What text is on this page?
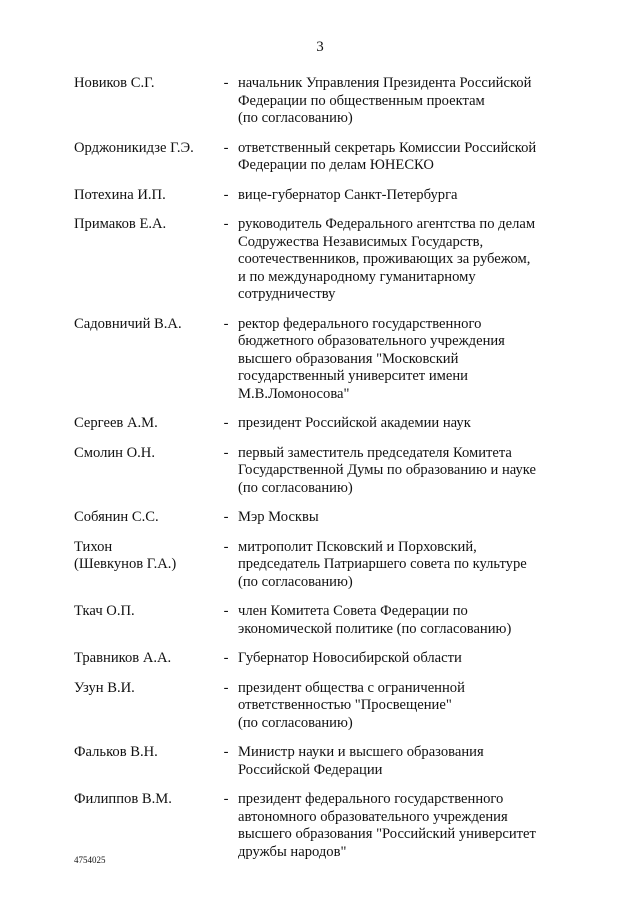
3
Новиков С.Г.	- начальник Управления Президента Российской
Федерации по общественным проектам
(по согласованию)
Орджоникидзе Г.Э.	- ответственный секретарь Комиссии Российской
Федерации по делам ЮНЕСКО
Потехина И.П.	- вице-губернатор Санкт-Петербурга
Примаков Е.А.	- руководитель Федерального агентства по делам
Содружества Независимых Государств,
соотечественников, проживающих за рубежом,
и по международному гуманитарному
сотрудничеству
Садовничий В.А.	- ректор федерального государственного
бюджетного образовательного учреждения
высшего образования "Московский
государственный университет имени
М.В.Ломоносова"
Сергеев А.М.	- президент Российской академии наук
Смолин О.Н.	- первый заместитель председателя Комитета
Государственной Думы по образованию и науке
(по согласованию)
Собянин С.С.	- Мэр Москвы
Тихон
(Шевкунов Г.А.)
- митрополит Псковский и Порховский,
председатель Патриаршего совета по культуре
(по согласованию)
Ткач О.П.	- член Комитета Совета Федерации по
экономической политике (по согласованию)
Травников А.А.	- Губернатор Новосибирской области
Узун В.И.	- президент общества с ограниченной
ответственностью "Просвещение"
(по согласованию)
Фальков В.Н.	- Министр науки и высшего образования
Российской Федерации
Филиппов В.М.	- президент федерального государственного
автономного образовательного учреждения
высшего образования "Российский университет
дружбы народов"
4754025
